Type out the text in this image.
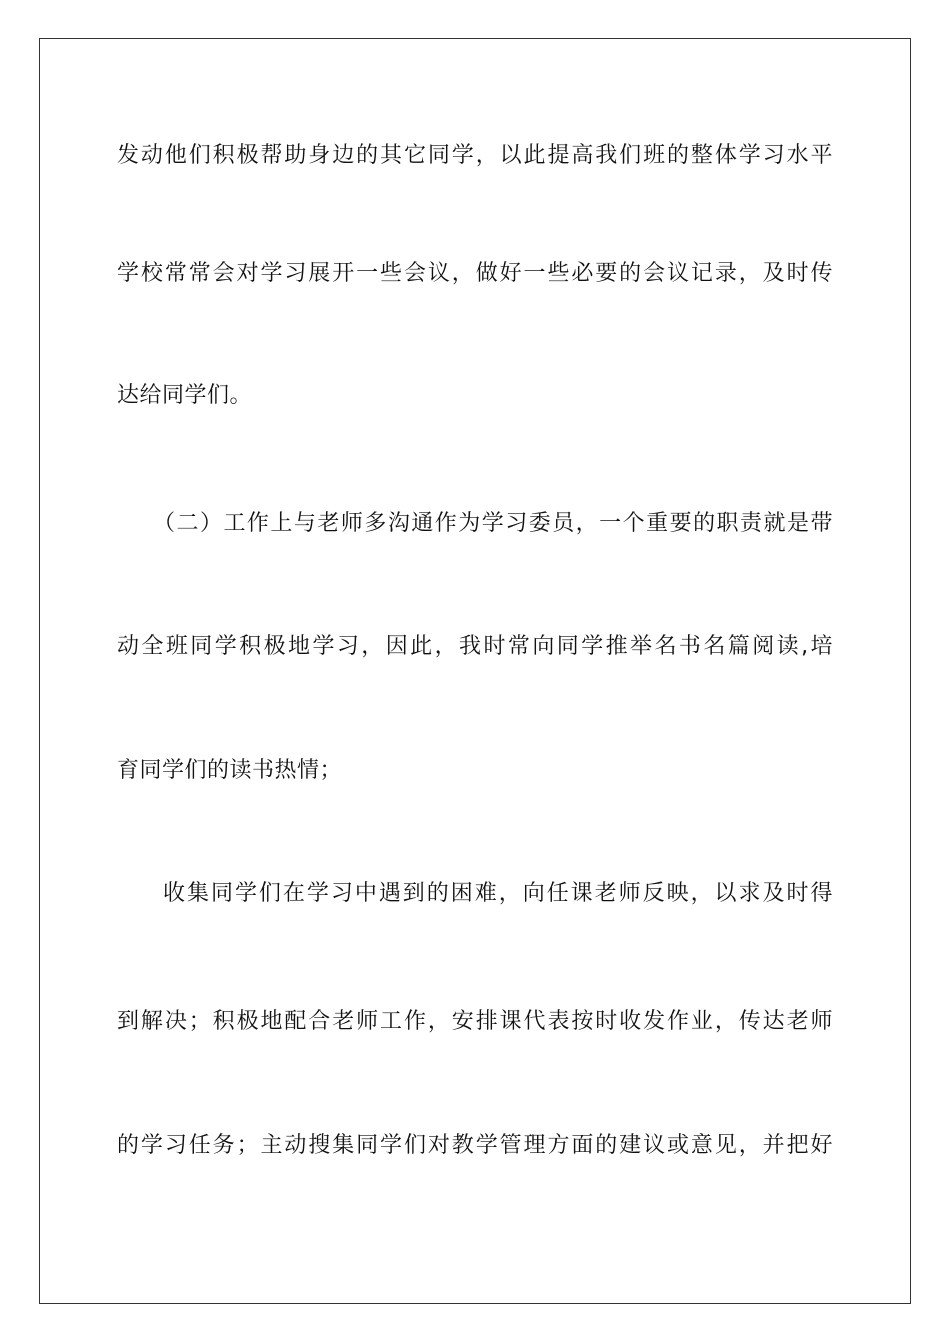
发动他们积极帮助身边的其它同学，以此提高我们班的整体学习水平
学校常常会对学习展开一些会议，做好一些必要的会议记录，及时传
达给同学们。
（二）工作上与老师多沟通作为学习委员，一个重要的职责就是带
动全班同学积极地学习，因此，我时常向同学推举名书名篇阅读,培
育同学们的读书热情；
收集同学们在学习中遇到的困难，向任课老师反映，以求及时得
到解决；积极地配合老师工作，安排课代表按时收发作业，传达老师
的学习任务；主动搜集同学们对教学管理方面的建议或意见，并把好
